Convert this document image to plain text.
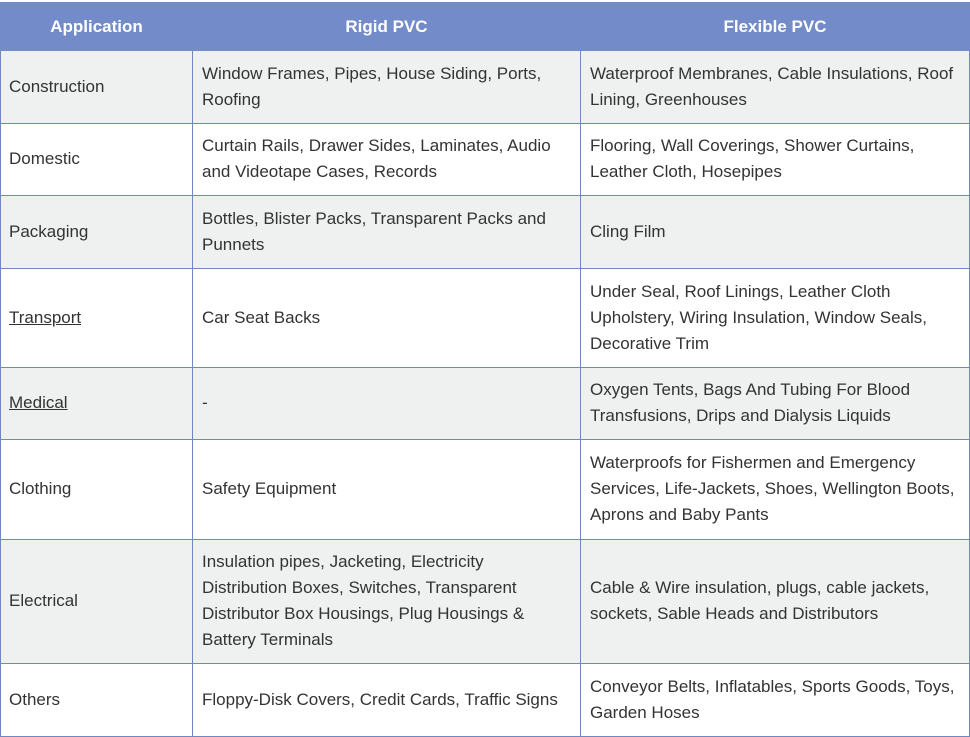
Application	Rigid PVC	Flexible PVC
Construction	Window Frames, Pipes, House Siding, Ports, Roofing	Waterproof Membranes, Cable Insulations, Roof Lining, Greenhouses
Domestic	Curtain Rails, Drawer Sides, Laminates, Audio and Videotape Cases, Records	Flooring, Wall Coverings, Shower Curtains, Leather Cloth, Hosepipes
Packaging	Bottles, Blister Packs, Transparent Packs and Punnets	Cling Film
Transport	Car Seat Backs	Under Seal, Roof Linings, Leather Cloth Upholstery, Wiring Insulation, Window Seals, Decorative Trim
Medical	-	Oxygen Tents, Bags And Tubing For Blood Transfusions, Drips and Dialysis Liquids
Clothing	Safety Equipment	Waterproofs for Fishermen and Emergency Services, Life-Jackets, Shoes, Wellington Boots, Aprons and Baby Pants
Electrical	Insulation pipes, Jacketing, Electricity Distribution Boxes, Switches, Transparent Distributor Box Housings, Plug Housings & Battery Terminals	Cable & Wire insulation, plugs, cable jackets, sockets, Sable Heads and Distributors
Others	Floppy-Disk Covers, Credit Cards, Traffic Signs	Conveyor Belts, Inflatables, Sports Goods, Toys, Garden Hoses
